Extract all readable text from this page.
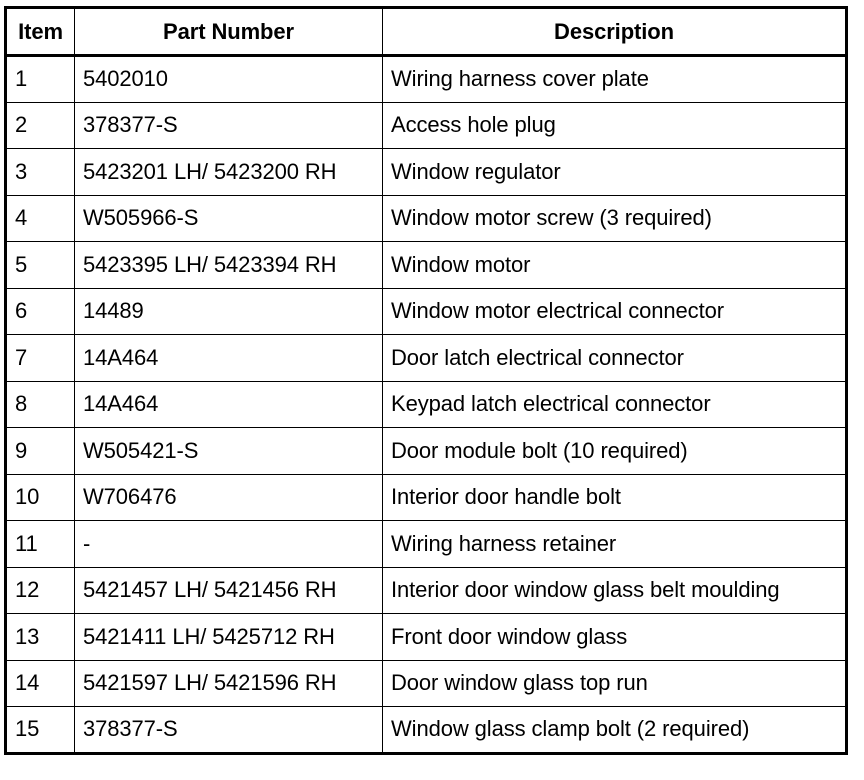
Item	Part Number	Description
1	5402010	Wiring harness cover plate
2	378377-S	Access hole plug
3	5423201 LH/ 5423200 RH	Window regulator
4	W505966-S	Window motor screw (3 required)
5	5423395 LH/ 5423394 RH	Window motor
6	14489	Window motor electrical connector
7	14A464	Door latch electrical connector
8	14A464	Keypad latch electrical connector
9	W505421-S	Door module bolt (10 required)
10	W706476	Interior door handle bolt
11	-	Wiring harness retainer
12	5421457 LH/ 5421456 RH	Interior door window glass belt moulding
13	5421411 LH/ 5425712 RH	Front door window glass
14	5421597 LH/ 5421596 RH	Door window glass top run
15	378377-S	Window glass clamp bolt (2 required)
